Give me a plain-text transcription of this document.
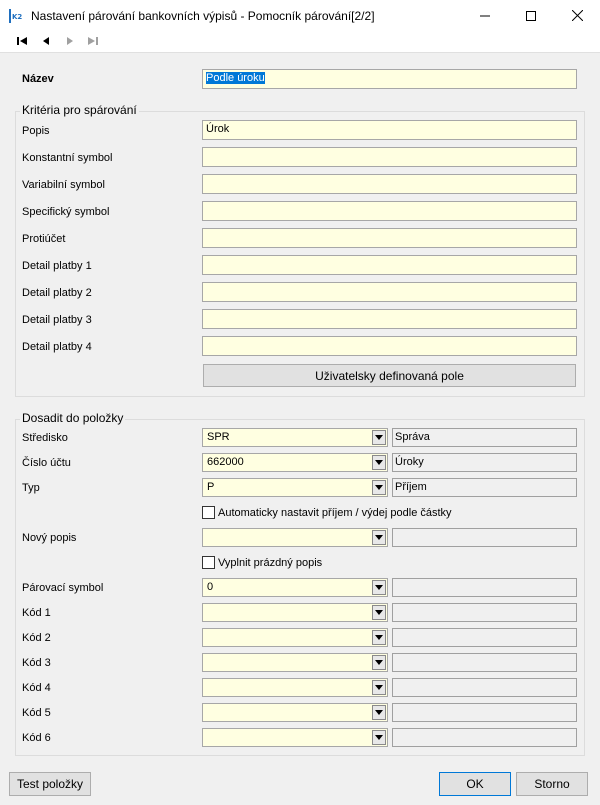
K2 Nastavení párování bankovních výpisů - Pomocník párování[2/2]
Název	Podle úroku
Kritéria pro spárování
Popis	Úrok
Konstantní symbol
Variabilní symbol
Specifický symbol
Protiúčet
Detail platby 1
Detail platby 2
Detail platby 3
Detail platby 4
Uživatelsky definovaná pole
Dosadit do položky
Středisko	SPR	Správa
Číslo účtu	662000	Úroky
Typ	P	Příjem
Automaticky nastavit příjem / výdej podle částky
Nový popis
Vyplnit prázdný popis
Párovací symbol	0
Kód 1
Kód 2
Kód 3
Kód 4
Kód 5
Kód 6
Test položky	OK	Storno
